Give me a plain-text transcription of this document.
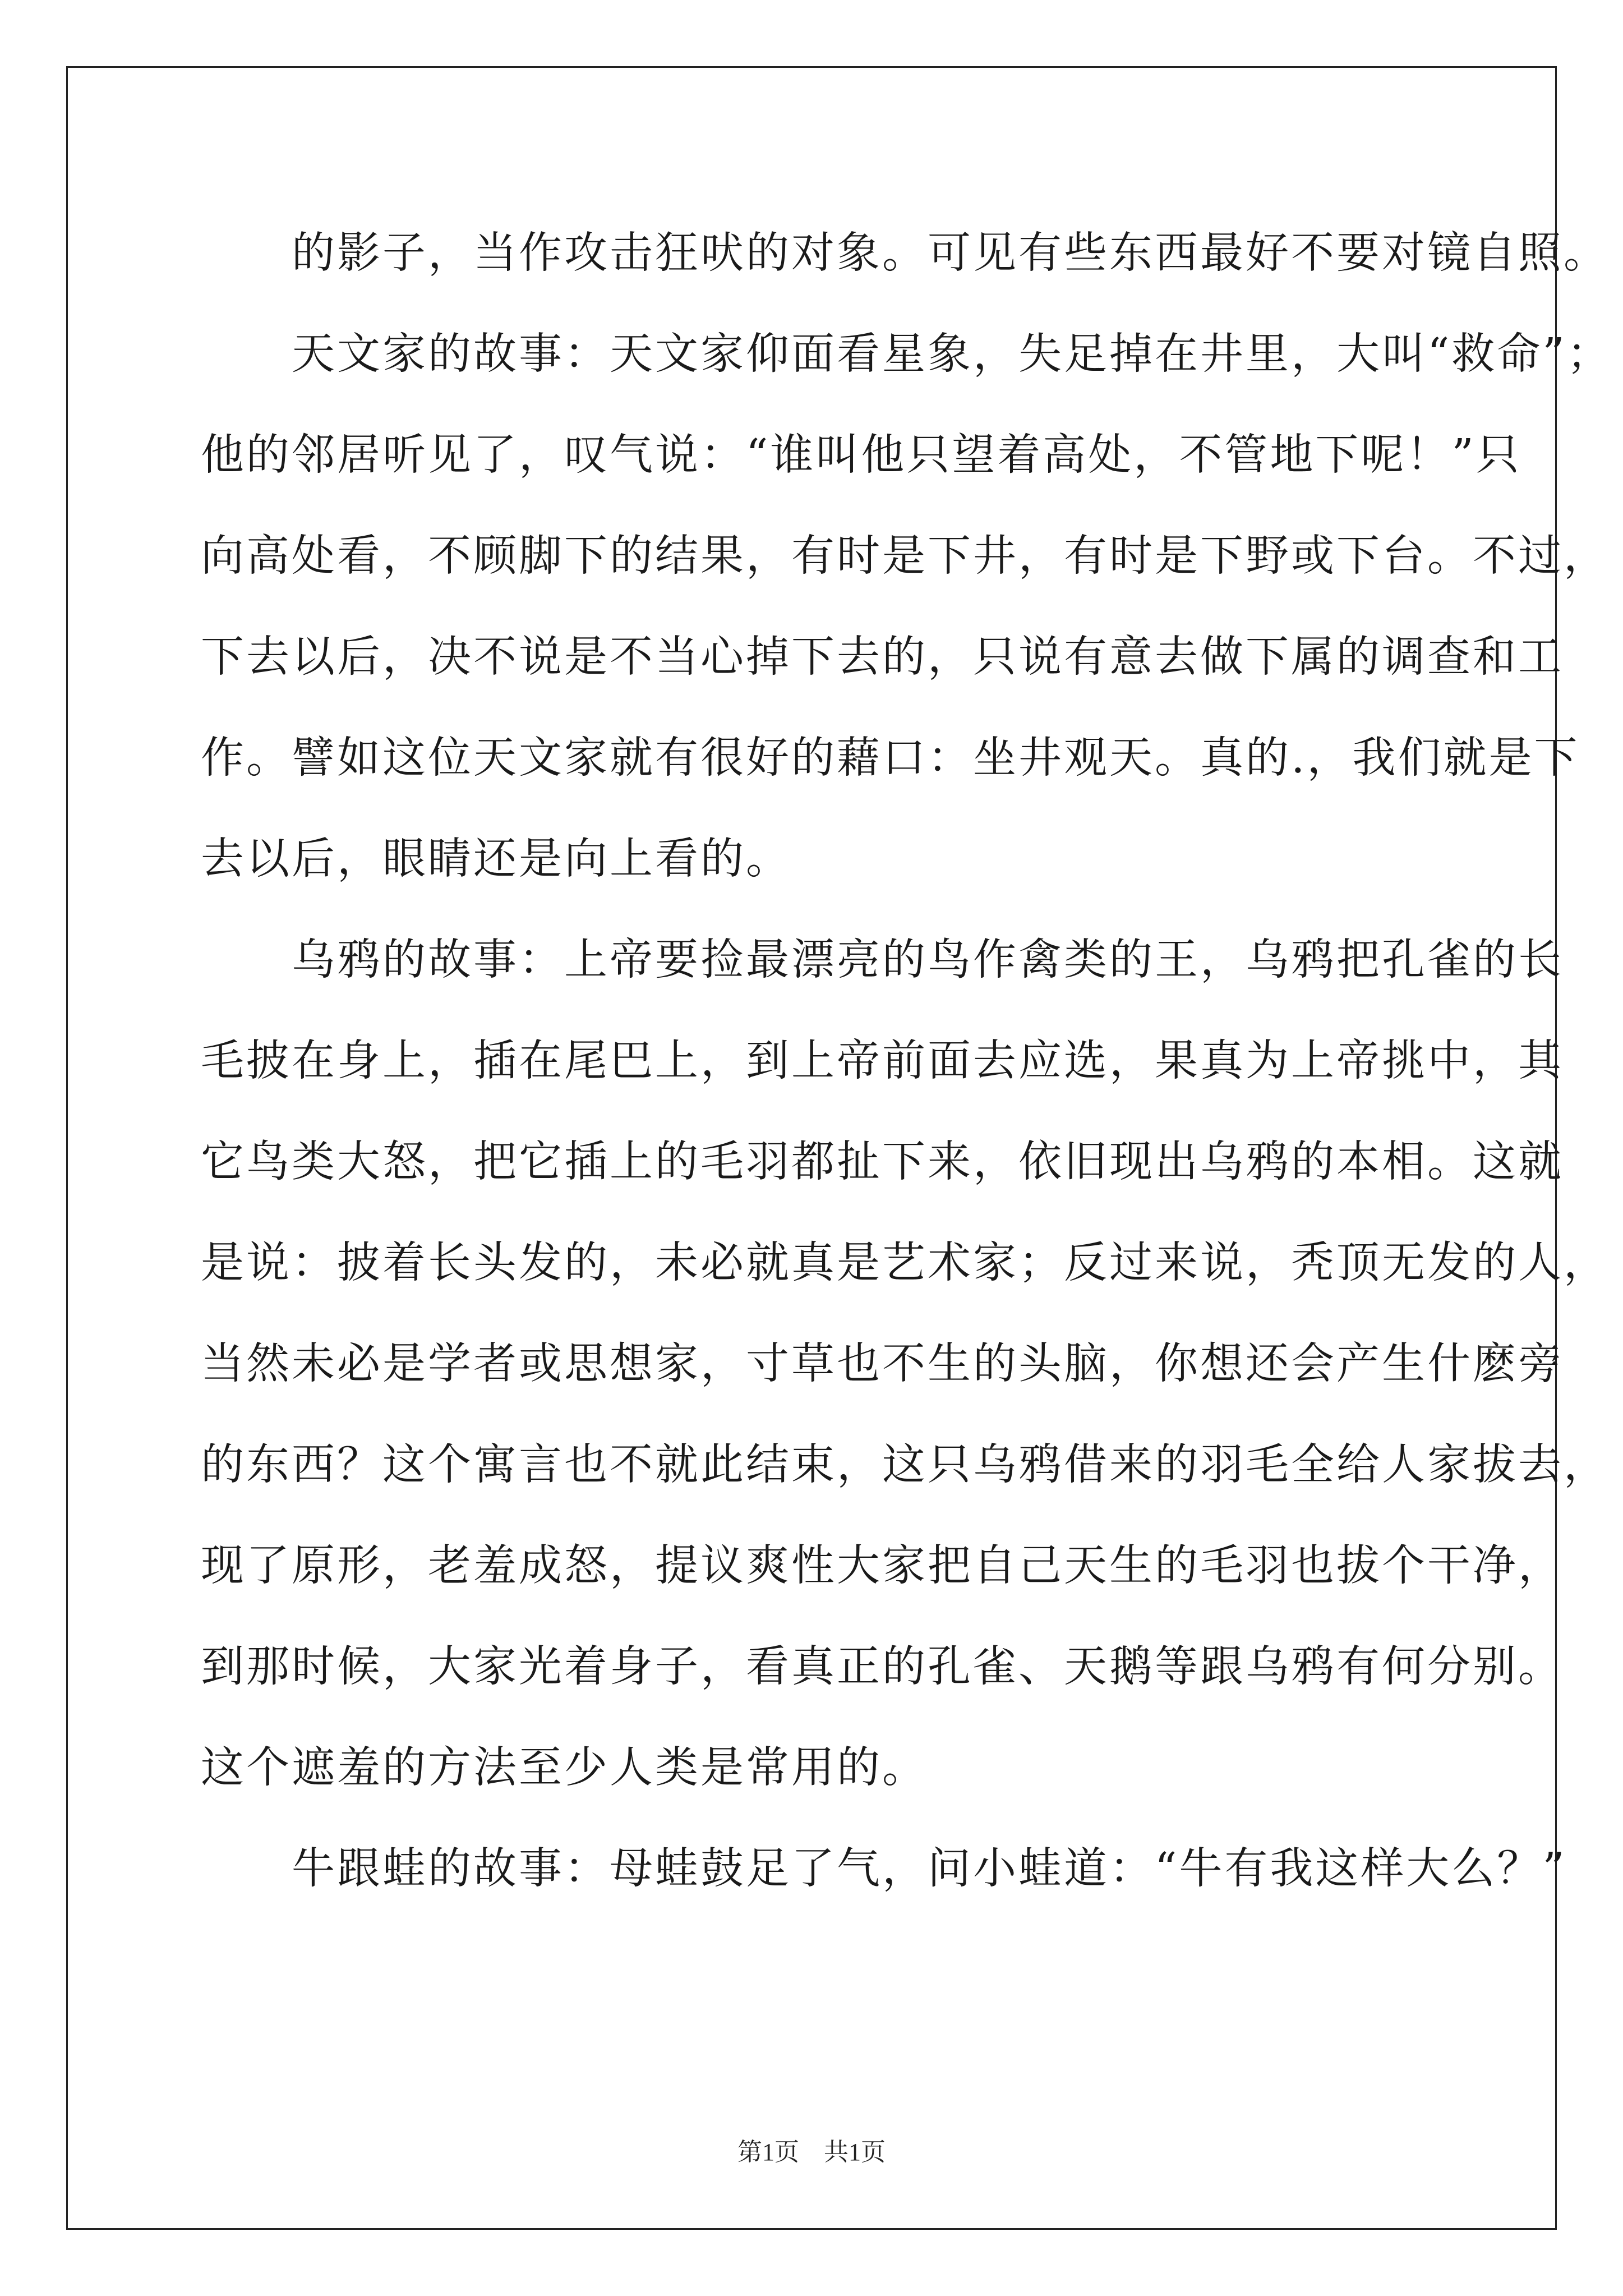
　　的影子，当作攻击狂吠的对象。可见有些东西最好不要对镜自照。
　　天文家的故事：天文家仰面看星象，失足掉在井里，大叫“救命”；
他的邻居听见了，叹气说：“谁叫他只望着高处，不管地下呢！”只
向高处看，不顾脚下的结果，有时是下井，有时是下野或下台。不过，
下去以后，决不说是不当心掉下去的，只说有意去做下属的调查和工
作。譬如这位天文家就有很好的藉口：坐井观天。真的.，我们就是下
去以后，眼睛还是向上看的。
　　乌鸦的故事：上帝要捡最漂亮的鸟作禽类的王，乌鸦把孔雀的长
毛披在身上，插在尾巴上，到上帝前面去应选，果真为上帝挑中，其
它鸟类大怒，把它插上的毛羽都扯下来，依旧现出乌鸦的本相。这就
是说：披着长头发的，未必就真是艺术家；反过来说，秃顶无发的人，
当然未必是学者或思想家，寸草也不生的头脑，你想还会产生什麽旁
的东西？这个寓言也不就此结束，这只乌鸦借来的羽毛全给人家拔去，
现了原形，老羞成怒，提议爽性大家把自己天生的毛羽也拔个干净，
到那时候，大家光着身子，看真正的孔雀、天鹅等跟乌鸦有何分别。
这个遮羞的方法至少人类是常用的。
　　牛跟蛙的故事：母蛙鼓足了气，问小蛙道：“牛有我这样大么？”
第1页　共1页
